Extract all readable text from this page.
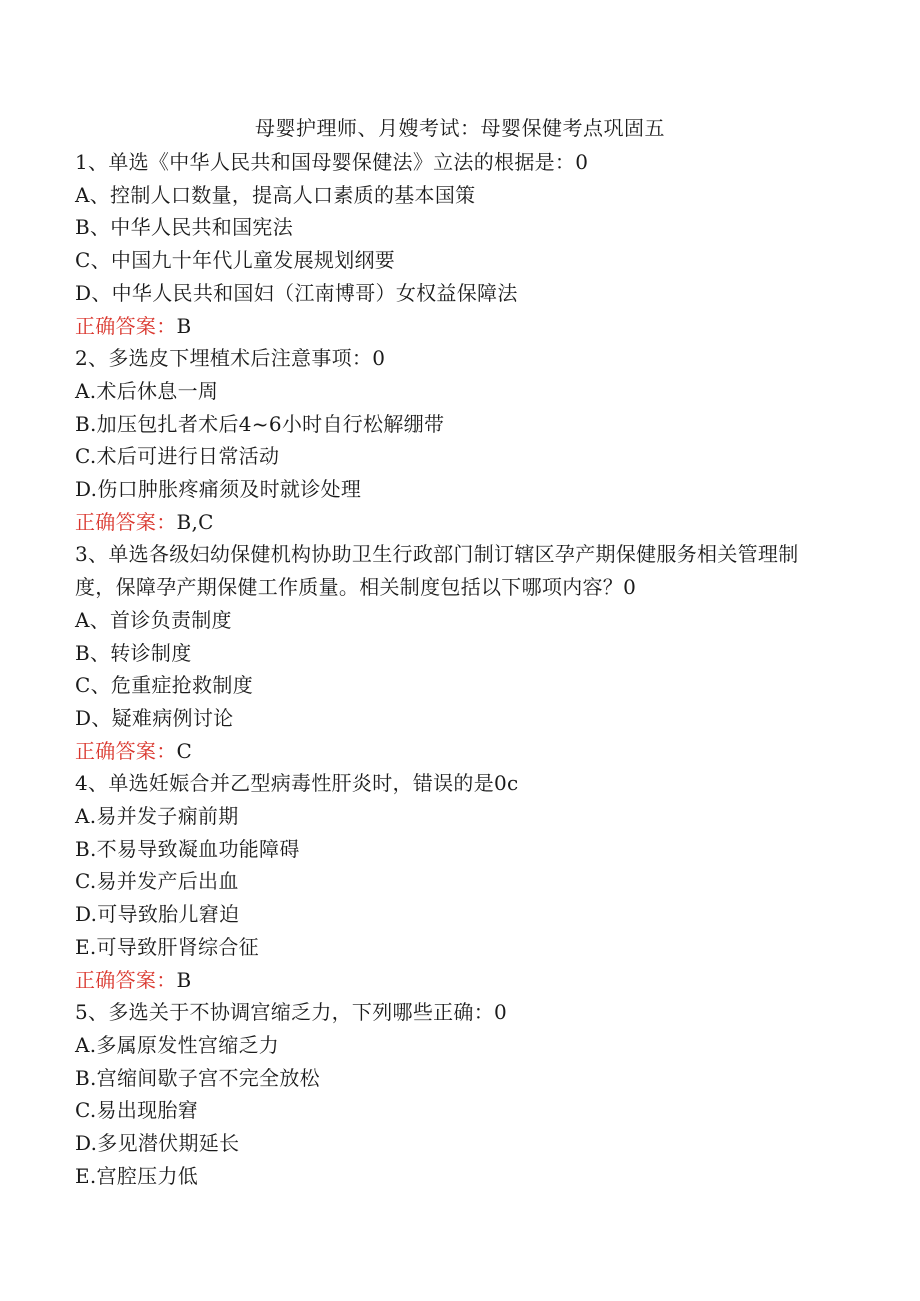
母婴护理师、月嫂考试：母婴保健考点巩固五
1、单选《中华人民共和国母婴保健法》立法的根据是：0
A、控制人口数量，提高人口素质的基本国策
B、中华人民共和国宪法
C、中国九十年代儿童发展规划纲要
D、中华人民共和国妇（江南博哥）女权益保障法
正确答案：B
2、多选皮下埋植术后注意事项：0
A.术后休息一周
B.加压包扎者术后4~6小时自行松解绷带
C.术后可进行日常活动
D.伤口肿胀疼痛须及时就诊处理
正确答案：B,C
3、单选各级妇幼保健机构协助卫生行政部门制订辖区孕产期保健服务相关管理制度，保障孕产期保健工作质量。相关制度包括以下哪项内容？0
A、首诊负责制度
B、转诊制度
C、危重症抢救制度
D、疑难病例讨论
正确答案：C
4、单选妊娠合并乙型病毒性肝炎时，错误的是0c
A.易并发子痫前期
B.不易导致凝血功能障碍
C.易并发产后出血
D.可导致胎儿窘迫
E.可导致肝肾综合征
正确答案：B
5、多选关于不协调宫缩乏力，下列哪些正确：0
A.多属原发性宫缩乏力
B.宫缩间歇子宫不完全放松
C.易出现胎窘
D.多见潜伏期延长
E.宫腔压力低
